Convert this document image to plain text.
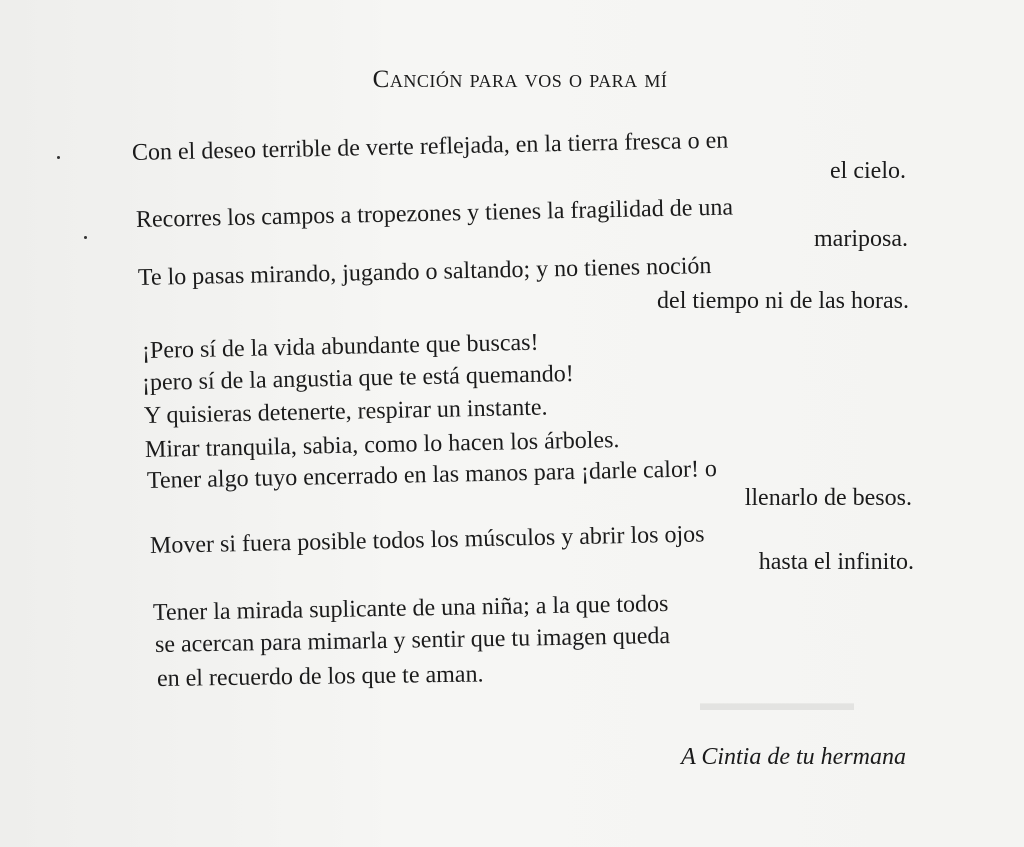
▬▬▬▬▬▬▬
Canción para vos o para mí
Con el deseo terrible de verte reflejada, en la tierra fresca o en
el cielo.
Recorres los campos a tropezones y tienes la fragilidad de una
mariposa.
Te lo pasas mirando, jugando o saltando; y no tienes noción
del tiempo ni de las horas.
¡Pero sí de la vida abundante que buscas!
¡pero sí de la angustia que te está quemando!
Y quisieras detenerte, respirar un instante.
Mirar tranquila, sabia, como lo hacen los árboles.
Tener algo tuyo encerrado en las manos para ¡darle calor! o
llenarlo de besos.
Mover si fuera posible todos los músculos y abrir los ojos
hasta el infinito.
Tener la mirada suplicante de una niña; a la que todos
se acercan para mimarla y sentir que tu imagen queda
en el recuerdo de los que te aman.
A Cintia de tu hermana
